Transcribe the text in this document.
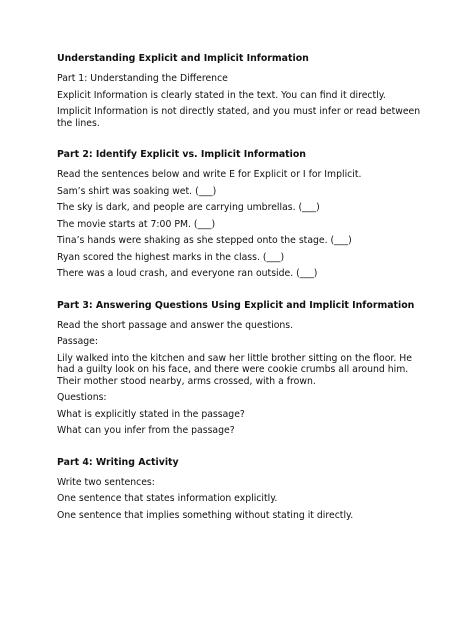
Understanding Explicit and Implicit Information
Part 1: Understanding the Difference
Explicit Information is clearly stated in the text. You can find it directly.
Implicit Information is not directly stated, and you must infer or read between the lines.
Part 2: Identify Explicit vs. Implicit Information
Read the sentences below and write E for Explicit or I for Implicit.
Sam’s shirt was soaking wet. (___)
The sky is dark, and people are carrying umbrellas. (___)
The movie starts at 7:00 PM. (___)
Tina’s hands were shaking as she stepped onto the stage. (___)
Ryan scored the highest marks in the class. (___)
There was a loud crash, and everyone ran outside. (___)
Part 3: Answering Questions Using Explicit and Implicit Information
Read the short passage and answer the questions.
Passage:
Lily walked into the kitchen and saw her little brother sitting on the floor. He had a guilty look on his face, and there were cookie crumbs all around him. Their mother stood nearby, arms crossed, with a frown.
Questions:
What is explicitly stated in the passage?
What can you infer from the passage?
Part 4: Writing Activity
Write two sentences:
One sentence that states information explicitly.
One sentence that implies something without stating it directly.
